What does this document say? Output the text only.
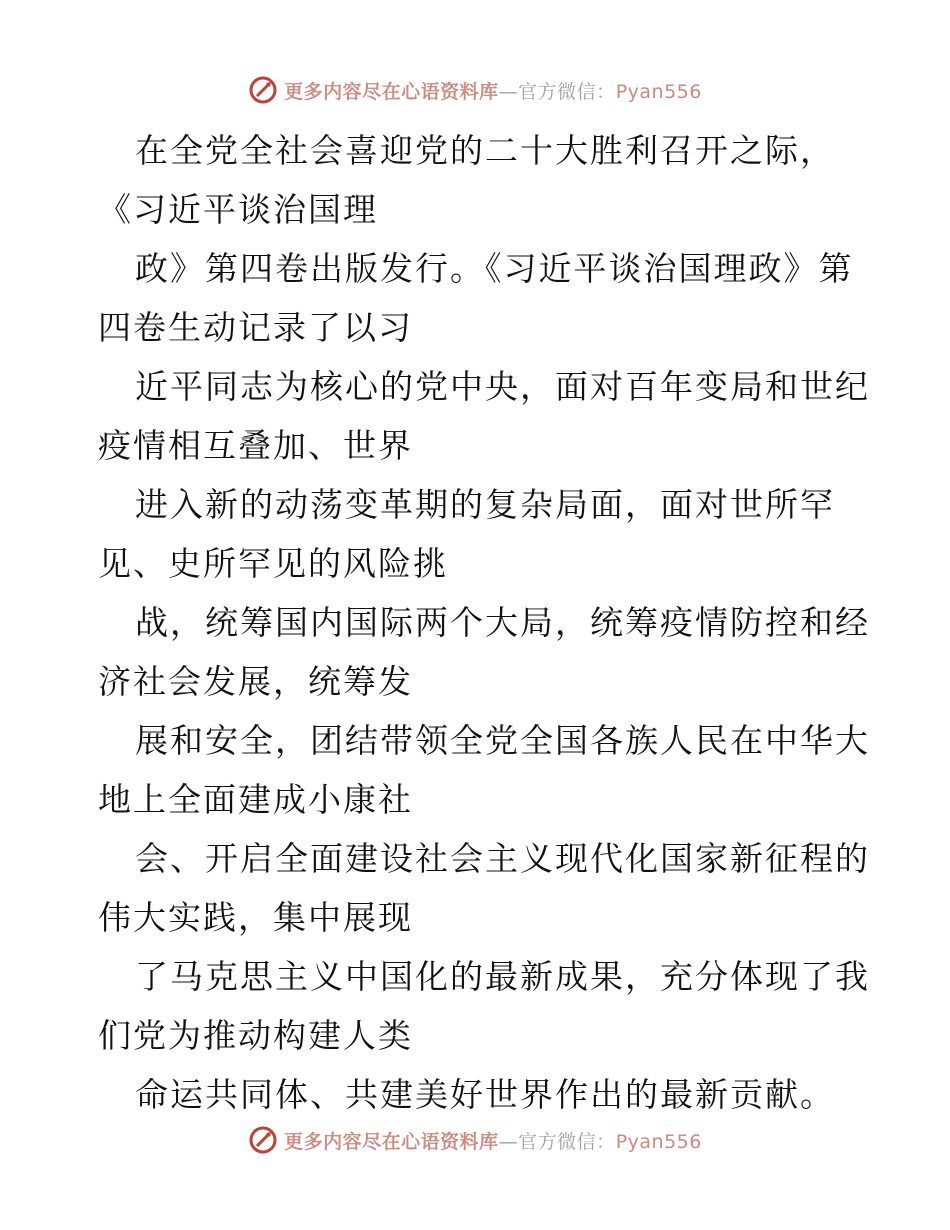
更多内容尽在心语资料库—官方微信：Pyan556
在全党全社会喜迎党的二十大胜利召开之际，
《习近平谈治国理
政》第四卷出版发行。《习近平谈治国理政》第
四卷生动记录了以习
近平同志为核心的党中央，面对百年变局和世纪
疫情相互叠加、世界
进入新的动荡变革期的复杂局面，面对世所罕
见、史所罕见的风险挑
战，统筹国内国际两个大局，统筹疫情防控和经
济社会发展，统筹发
展和安全，团结带领全党全国各族人民在中华大
地上全面建成小康社
会、开启全面建设社会主义现代化国家新征程的
伟大实践，集中展现
了马克思主义中国化的最新成果，充分体现了我
们党为推动构建人类
命运共同体、共建美好世界作出的最新贡献。
更多内容尽在心语资料库—官方微信：Pyan556
